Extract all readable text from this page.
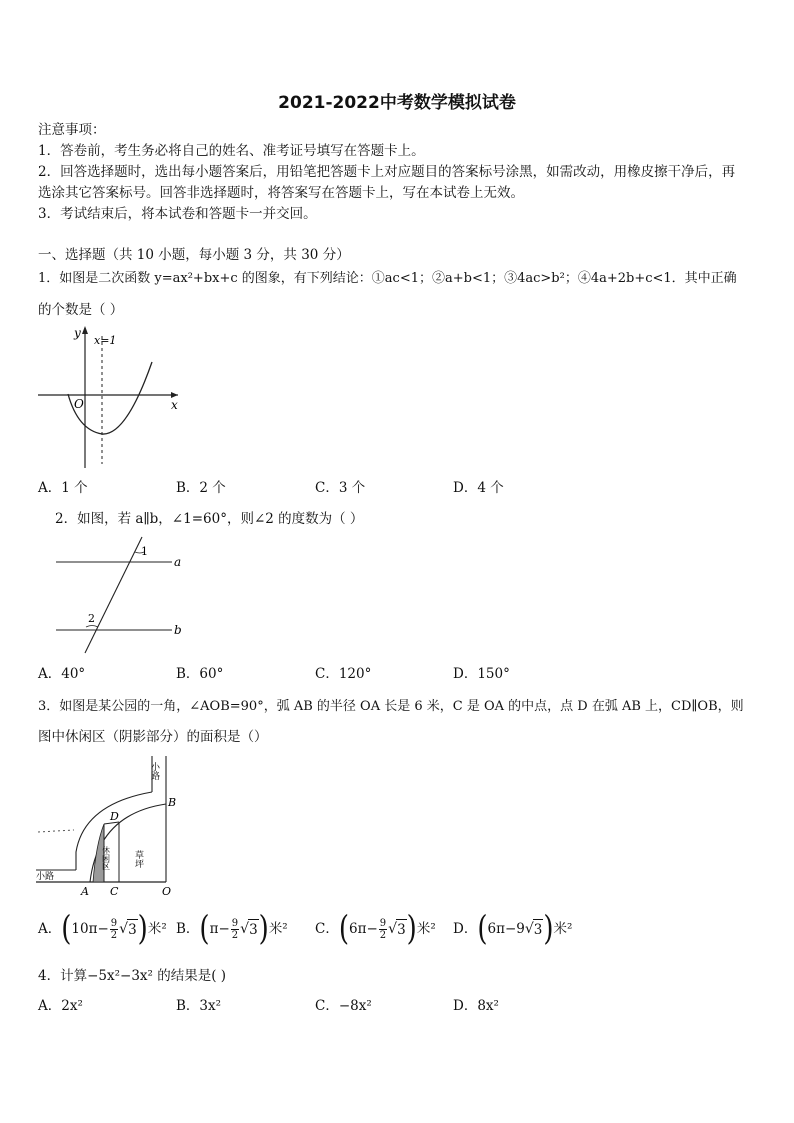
2021-2022中考数学模拟试卷
注意事项：
1．答卷前，考生务必将自己的姓名、准考证号填写在答题卡上。
2．回答选择题时，选出每小题答案后，用铅笔把答题卡上对应题目的答案标号涂黑，如需改动，用橡皮擦干净后，再
选涂其它答案标号。回答非选择题时，将答案写在答题卡上，写在本试卷上无效。
3．考试结束后，将本试卷和答题卡一并交回。
一、选择题（共 10 小题，每小题 3 分，共 30 分）
1．如图是二次函数 y=ax²+bx+c 的图象，有下列结论：①ac<1；②a+b<1；③4ac>b²；④4a+2b+c<1．其中正确
的个数是（ ）
y
x
O
x=1
A．1 个	B．2 个	C．3 个	D．4 个
2．如图，若 a∥b，∠1=60°，则∠2 的度数为（ ）
1
2
a
b
A．40°	B．60°	C．120°	D．150°
3．如图是某公园的一角，∠AOB=90°，弧 AB 的半径 OA 长是 6 米，C 是 OA 的中点，点 D 在弧 AB 上，CD∥OB，则
图中休闲区（阴影部分）的面积是（）
小路
小路
B
D
A C	O
休闲区	草坪
A． ( $10\pi- \frac{9}{2}$ √ 3 ) 米² B． ( $\pi- \frac{9}{2}$ √ 3 ) 米² C． ( $6\pi- \frac{9}{2}$ √ 3 ) 米² D． ( 6π−9 √ 3 ) 米²
4．计算−5x²−3x² 的结果是( )
A．2x²	B．3x²	C．−8x²	D．8x²
